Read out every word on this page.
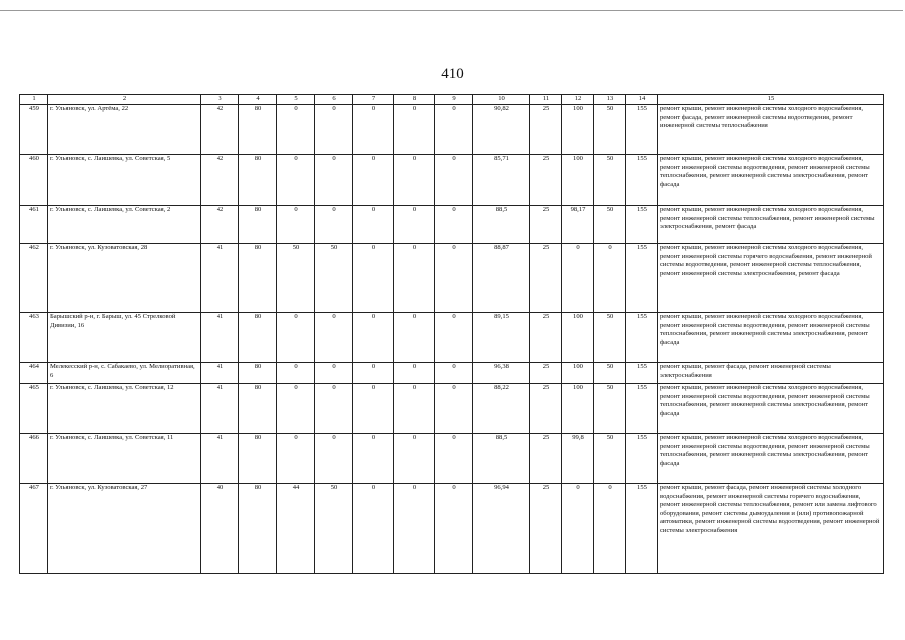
410
1	2	3	4	5	6	7	8	9	10	11	12	13	14	15
459	г. Ульяновск, ул. Артёма, 22	42	80	0	0	0	0	0	90,82	25	100	50	155	ремонт крыши, ремонт инженерной системы холодного водоснабжения, ремонт фасада, ремонт инженерной системы водоотведения, ремонт инженерной системы теплоснабжения
460	г. Ульяновск, с. Лаишевка, ул. Советская, 5	42	80	0	0	0	0	0	85,71	25	100	50	155	ремонт крыши, ремонт инженерной системы холодного водоснабжения, ремонт инженерной системы водоотведения, ремонт инженерной системы теплоснабжения, ремонт инженерной системы электроснабжения, ремонт фасада
461	г. Ульяновск, с. Лаишевка, ул. Советская, 2	42	80	0	0	0	0	0	88,5	25	98,17	50	155	ремонт крыши, ремонт инженерной системы холодного водоснабжения, ремонт инженерной системы теплоснабжения, ремонт инженерной системы электроснабжения, ремонт фасада
462	г. Ульяновск, ул. Кузоватовская, 28	41	80	50	50	0	0	0	88,87	25	0	0	155	ремонт крыши, ремонт инженерной системы холодного водоснабжения, ремонт инженерной системы горячего водоснабжения, ремонт инженерной системы водоотведения, ремонт инженерной системы теплоснабжения, ремонт инженерной системы электроснабжения, ремонт фасада
463	Барышский р-н, г. Барыш, ул. 45 Стрелковой Дивизии, 16	41	80	0	0	0	0	0	89,15	25	100	50	155	ремонт крыши, ремонт инженерной системы холодного водоснабжения, ремонт инженерной системы водоотведения, ремонт инженерной системы теплоснабжения, ремонт инженерной системы электроснабжения, ремонт фасада
464	Мелекесский р-н, с. Сабакаево, ул. Мелиоративная, 6	41	80	0	0	0	0	0	96,38	25	100	50	155	ремонт крыши, ремонт фасада, ремонт инженерной системы электроснабжения
465	г. Ульяновск, с. Лаишевка, ул. Советская, 12	41	80	0	0	0	0	0	88,22	25	100	50	155	ремонт крыши, ремонт инженерной системы холодного водоснабжения, ремонт инженерной системы водоотведения, ремонт инженерной системы теплоснабжения, ремонт инженерной системы электроснабжения, ремонт фасада
466	г. Ульяновск, с. Лаишевка, ул. Советская, 11	41	80	0	0	0	0	0	88,5	25	99,8	50	155	ремонт крыши, ремонт инженерной системы холодного водоснабжения, ремонт инженерной системы водоотведения, ремонт инженерной системы теплоснабжения, ремонт инженерной системы электроснабжения, ремонт фасада
467	г. Ульяновск, ул. Кузоватовская, 27	40	80	44	50	0	0	0	96,94	25	0	0	155	ремонт крыши, ремонт фасада, ремонт инженерной системы холодного водоснабжения, ремонт инженерной системы горячего водоснабжения, ремонт инженерной системы теплоснабжения, ремонт или замена лифтового оборудования, ремонт системы дымоудаления и (или) противопожарной автоматики, ремонт инженерной системы водоотведения, ремонт инженерной системы электроснабжения
